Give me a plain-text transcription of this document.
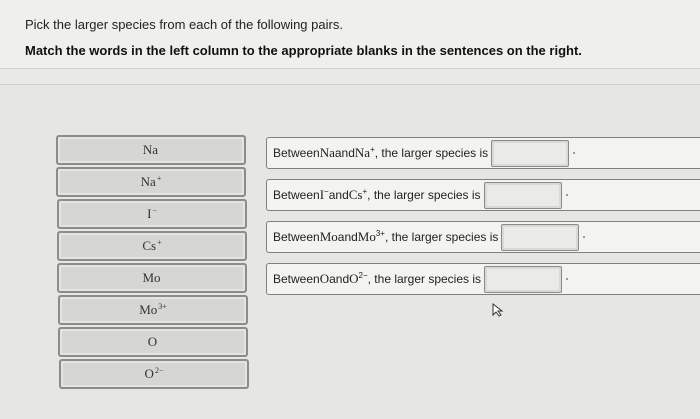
Pick the larger species from each of the following pairs.
Match the words in the left column to the appropriate blanks in the sentences on the right.
Na
Na+
I−
Cs+
Mo
$Mo^{3+}$
O
$O^{2-}$
Between Na and Na+ , the larger species is
Between I− and Cs+ , the larger species is
Between Mo and $Mo^{3+}$ , the larger species is
Between O and $O^{2-}$ , the larger species is
